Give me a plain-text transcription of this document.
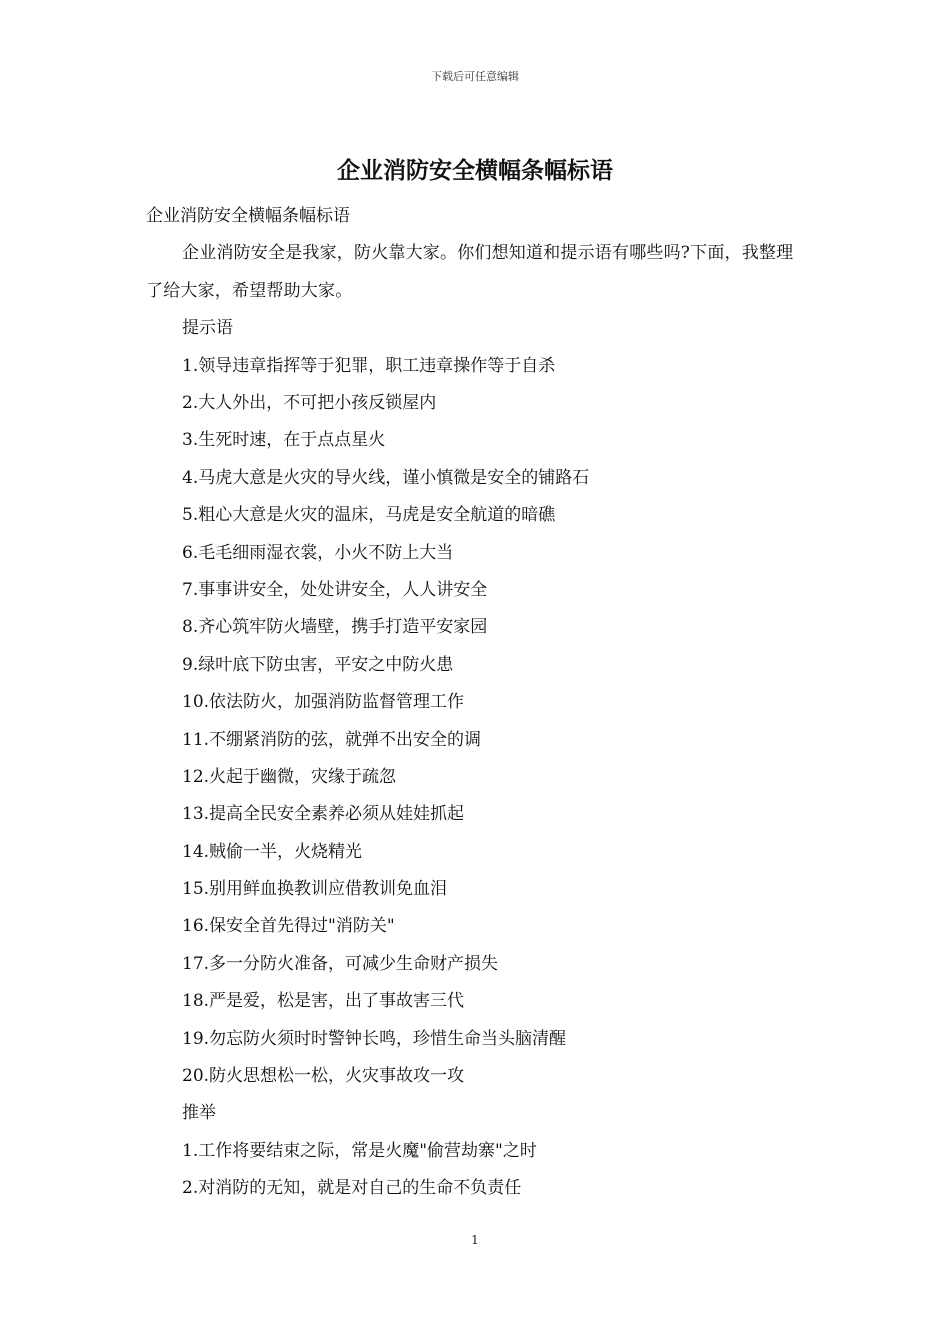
下载后可任意编辑
企业消防安全横幅条幅标语
企业消防安全横幅条幅标语

企业消防安全是我家，防火靠大家。你们想知道和提示语有哪些吗?下面，我整理了给大家，希望帮助大家。

提示语
1.领导违章指挥等于犯罪，职工违章操作等于自杀
2.大人外出，不可把小孩反锁屋内
3.生死时速，在于点点星火
4.马虎大意是火灾的导火线，谨小慎微是安全的铺路石
5.粗心大意是火灾的温床，马虎是安全航道的暗礁
6.毛毛细雨湿衣裳，小火不防上大当
7.事事讲安全，处处讲安全，人人讲安全
8.齐心筑牢防火墙壁，携手打造平安家园
9.绿叶底下防虫害，平安之中防火患
10.依法防火，加强消防监督管理工作
11.不绷紧消防的弦，就弹不出安全的调
12.火起于幽微，灾缘于疏忽
13.提高全民安全素养必须从娃娃抓起
14.贼偷一半，火烧精光
15.别用鲜血换教训应借教训免血泪
16.保安全首先得过"消防关"
17.多一分防火准备，可减少生命财产损失
18.严是爱，松是害，出了事故害三代
19.勿忘防火须时时警钟长鸣，珍惜生命当头脑清醒
20.防火思想松一松，火灾事故攻一攻
推举
1.工作将要结束之际，常是火魔"偷营劫寨"之时
2.对消防的无知，就是对自己的生命不负责任
1
